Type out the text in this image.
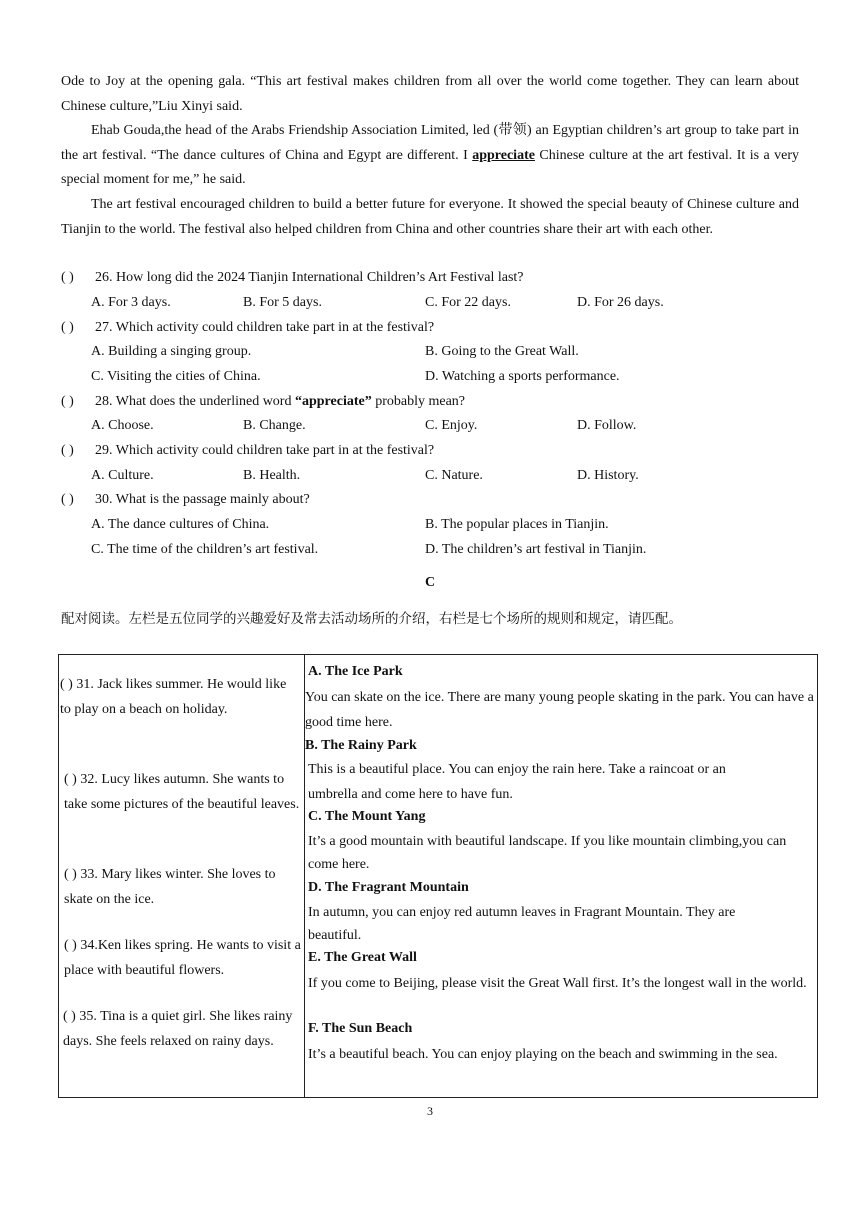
Ode to Joy at the opening gala. “This art festival makes children from all over the world come together. They can learn about Chinese culture,”Liu Xinyi said.

Ehab Gouda,the head of the Arabs Friendship Association Limited, led (带领) an Egyptian children’s art group to take part in the art festival. “The dance cultures of China and Egypt are different. I appreciate Chinese culture at the art festival. It is a very special moment for me,” he said.

The art festival encouraged children to build a better future for everyone. It showed the special beauty of Chinese culture and Tianjin to the world. The festival also helped children from China and other countries share their art with each other.

( ) 26. How long did the 2024 Tianjin International Children’s Art Festival last?
A. For 3 days.	B. For 5 days.	C. For 22 days.	D. For 26 days.
( ) 27. Which activity could children take part in at the festival?
A. Building a singing group.	B. Going to the Great Wall.
C. Visiting the cities of China.	D. Watching a sports performance.
( ) 28. What does the underlined word “appreciate” probably mean?
A. Choose.	B. Change.	C. Enjoy.	D. Follow.
( ) 29. Which activity could children take part in at the festival?
A. Culture.	B. Health.	C. Nature.	D. History.
( ) 30. What is the passage mainly about?
A. The dance cultures of China.	B. The popular places in Tianjin.
C. The time of the children’s art festival.	D. The children’s art festival in Tianjin.
C
配对阅读。左栏是五位同学的兴趣爱好及常去活动场所的介绍，右栏是七个场所的规则和规定，请匹配。
( ) 31. Jack likes summer. He would like to play on a beach on holiday.
( ) 32. Lucy likes autumn. She wants to take some pictures of the beautiful leaves.
( ) 33. Mary likes winter. She loves to skate on the ice.
( ) 34.Ken likes spring. He wants to visit a place with beautiful flowers.
( ) 35. Tina is a quiet girl. She likes rainy days. She feels relaxed on rainy days.

A. The Ice Park
You can skate on the ice. There are many young people skating in the park. You can have a good time here.
B. The Rainy Park
This is a beautiful place. You can enjoy the rain here. Take a raincoat or an umbrella and come here to have fun.
C. The Mount Yang
It’s a good mountain with beautiful landscape. If you like mountain climbing,you can come here.
D. The Fragrant Mountain
In autumn, you can enjoy red autumn leaves in Fragrant Mountain. They are beautiful.
E. The Great Wall
If you come to Beijing, please visit the Great Wall first. It’s the longest wall in the world.
F. The Sun Beach
It’s a beautiful beach. You can enjoy playing on the beach and swimming in the sea.
3
